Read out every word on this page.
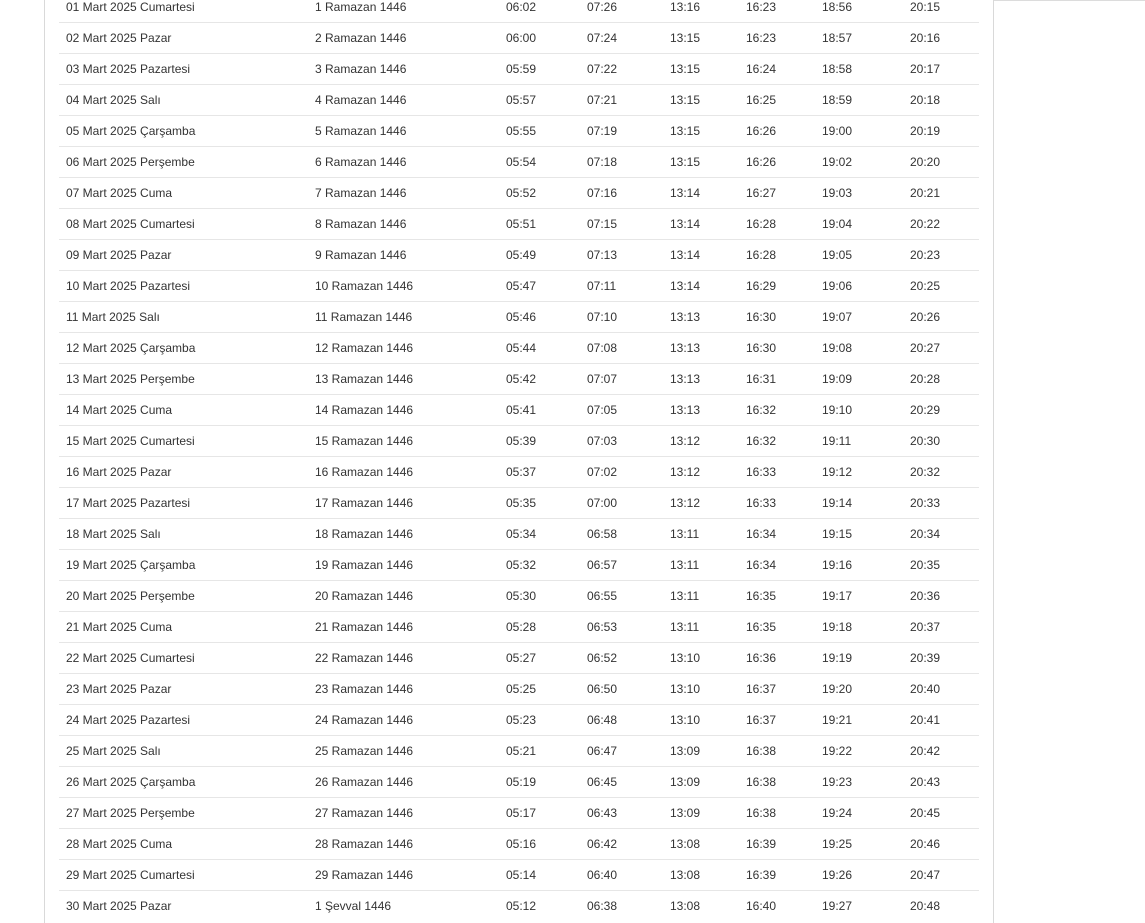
01 Mart 2025 Cumartesi	1 Ramazan 1446	06:02	07:26	13:16	16:23	18:56	20:15
02 Mart 2025 Pazar	2 Ramazan 1446	06:00	07:24	13:15	16:23	18:57	20:16
03 Mart 2025 Pazartesi	3 Ramazan 1446	05:59	07:22	13:15	16:24	18:58	20:17
04 Mart 2025 Salı	4 Ramazan 1446	05:57	07:21	13:15	16:25	18:59	20:18
05 Mart 2025 Çarşamba	5 Ramazan 1446	05:55	07:19	13:15	16:26	19:00	20:19
06 Mart 2025 Perşembe	6 Ramazan 1446	05:54	07:18	13:15	16:26	19:02	20:20
07 Mart 2025 Cuma	7 Ramazan 1446	05:52	07:16	13:14	16:27	19:03	20:21
08 Mart 2025 Cumartesi	8 Ramazan 1446	05:51	07:15	13:14	16:28	19:04	20:22
09 Mart 2025 Pazar	9 Ramazan 1446	05:49	07:13	13:14	16:28	19:05	20:23
10 Mart 2025 Pazartesi	10 Ramazan 1446	05:47	07:11	13:14	16:29	19:06	20:25
11 Mart 2025 Salı	11 Ramazan 1446	05:46	07:10	13:13	16:30	19:07	20:26
12 Mart 2025 Çarşamba	12 Ramazan 1446	05:44	07:08	13:13	16:30	19:08	20:27
13 Mart 2025 Perşembe	13 Ramazan 1446	05:42	07:07	13:13	16:31	19:09	20:28
14 Mart 2025 Cuma	14 Ramazan 1446	05:41	07:05	13:13	16:32	19:10	20:29
15 Mart 2025 Cumartesi	15 Ramazan 1446	05:39	07:03	13:12	16:32	19:11	20:30
16 Mart 2025 Pazar	16 Ramazan 1446	05:37	07:02	13:12	16:33	19:12	20:32
17 Mart 2025 Pazartesi	17 Ramazan 1446	05:35	07:00	13:12	16:33	19:14	20:33
18 Mart 2025 Salı	18 Ramazan 1446	05:34	06:58	13:11	16:34	19:15	20:34
19 Mart 2025 Çarşamba	19 Ramazan 1446	05:32	06:57	13:11	16:34	19:16	20:35
20 Mart 2025 Perşembe	20 Ramazan 1446	05:30	06:55	13:11	16:35	19:17	20:36
21 Mart 2025 Cuma	21 Ramazan 1446	05:28	06:53	13:11	16:35	19:18	20:37
22 Mart 2025 Cumartesi	22 Ramazan 1446	05:27	06:52	13:10	16:36	19:19	20:39
23 Mart 2025 Pazar	23 Ramazan 1446	05:25	06:50	13:10	16:37	19:20	20:40
24 Mart 2025 Pazartesi	24 Ramazan 1446	05:23	06:48	13:10	16:37	19:21	20:41
25 Mart 2025 Salı	25 Ramazan 1446	05:21	06:47	13:09	16:38	19:22	20:42
26 Mart 2025 Çarşamba	26 Ramazan 1446	05:19	06:45	13:09	16:38	19:23	20:43
27 Mart 2025 Perşembe	27 Ramazan 1446	05:17	06:43	13:09	16:38	19:24	20:45
28 Mart 2025 Cuma	28 Ramazan 1446	05:16	06:42	13:08	16:39	19:25	20:46
29 Mart 2025 Cumartesi	29 Ramazan 1446	05:14	06:40	13:08	16:39	19:26	20:47
30 Mart 2025 Pazar	1 Şevval 1446	05:12	06:38	13:08	16:40	19:27	20:48
